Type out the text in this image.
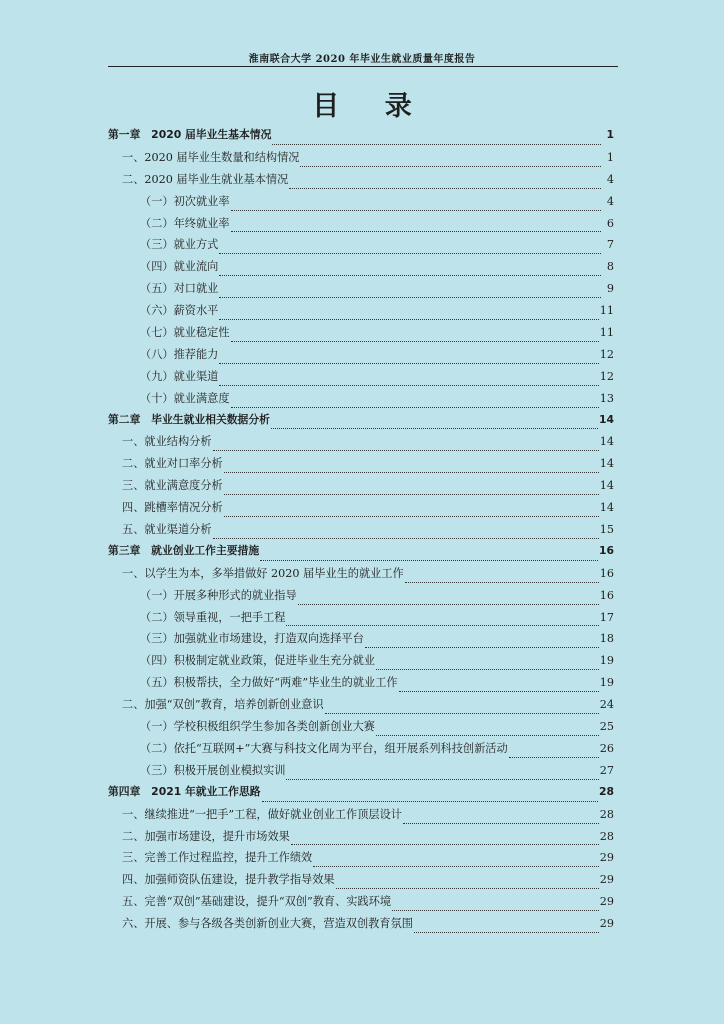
淮南联合大学 2020 年毕业生就业质量年度报告
目 录
第一章　2020 届毕业生基本情况	1
一、2020 届毕业生数量和结构情况	1
二、2020 届毕业生就业基本情况	4
（一）初次就业率	4
（二）年终就业率	6
（三）就业方式	7
（四）就业流向	8
（五）对口就业	9
（六）薪资水平	11
（七）就业稳定性	11
（八）推荐能力	12
（九）就业渠道	12
（十）就业满意度	13
第二章　毕业生就业相关数据分析	14
一、就业结构分析	14
二、就业对口率分析	14
三、就业满意度分析	14
四、跳槽率情况分析	14
五、就业渠道分析	15
第三章　就业创业工作主要措施	16
一、以学生为本，多举措做好 2020 届毕业生的就业工作	16
（一）开展多种形式的就业指导	16
（二）领导重视，一把手工程	17
（三）加强就业市场建设，打造双向选择平台	18
（四）积极制定就业政策，促进毕业生充分就业	19
（五）积极帮扶，全力做好“两难”毕业生的就业工作	19
二、加强“双创”教育，培养创新创业意识	24
（一）学校积极组织学生参加各类创新创业大赛	25
（二）依托“互联网+”大赛与科技文化周为平台，组开展系列科技创新活动	26
（三）积极开展创业模拟实训	27
第四章　2021 年就业工作思路	28
一、继续推进“一把手”工程，做好就业创业工作顶层设计	28
二、加强市场建设，提升市场效果	28
三、完善工作过程监控，提升工作绩效	29
四、加强师资队伍建设，提升教学指导效果	29
五、完善“双创”基础建设，提升“双创”教育、实践环境	29
六、开展、参与各级各类创新创业大赛，营造双创教育氛围	29
